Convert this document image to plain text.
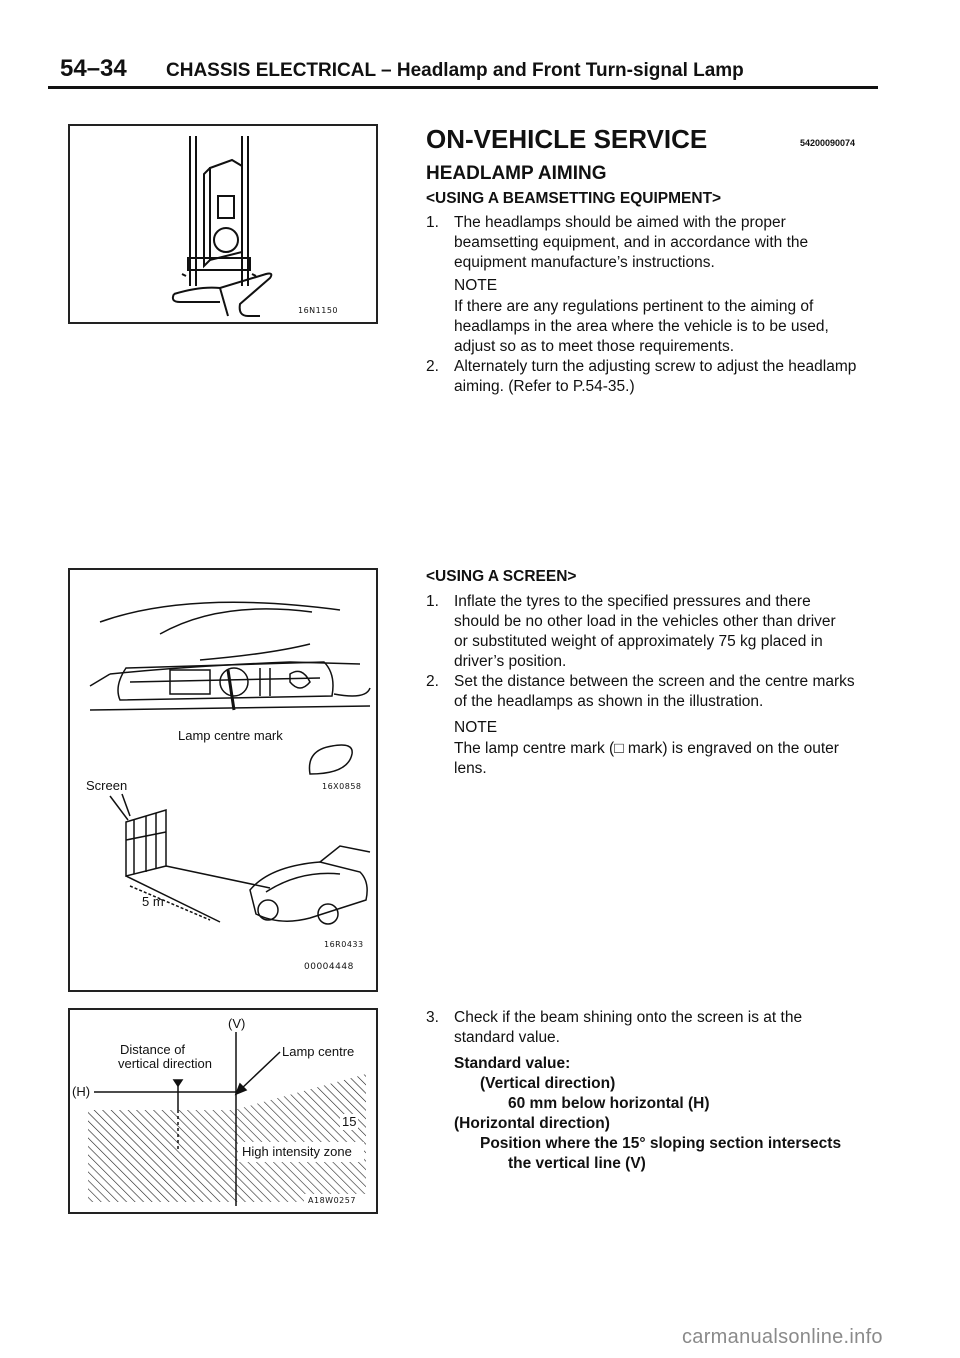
54–34 CHASSIS ELECTRICAL – Headlamp and Front Turn-signal Lamp
16N1150
Lamp centre mark
16X0858
Screen
5 m
16R0433
00004448
(V)
Distance of
vertical direction
Lamp centre
(H)
15
High intensity zone
A18W0257
ON-VEHICLE SERVICE	54200090074
HEADLAMP AIMING
<USING A BEAMSETTING EQUIPMENT>
1. The headlamps should be aimed with the proper
beamsetting equipment, and in accordance with the
equipment manufacture’s instructions.
NOTE
If there are any regulations pertinent to the aiming of
headlamps in the area where the vehicle is to be used,
adjust so as to meet those requirements.
2. Alternately turn the adjusting screw to adjust the headlamp
aiming. (Refer to P.54-35.)
<USING A SCREEN>
1. Inflate the tyres to the specified pressures and there
should be no other load in the vehicles other than driver
or substituted weight of approximately 75 kg placed in
driver’s position.
2. Set the distance between the screen and the centre marks
of the headlamps as shown in the illustration.
NOTE
The lamp centre mark (□ mark) is engraved on the outer
lens.
3. Check if the beam shining onto the screen is at the
standard value.
Standard value:
(Vertical direction)
60 mm below horizontal (H)
(Horizontal direction)
Position where the 15° sloping section intersects
the vertical line (V)
carmanualsonline.info
